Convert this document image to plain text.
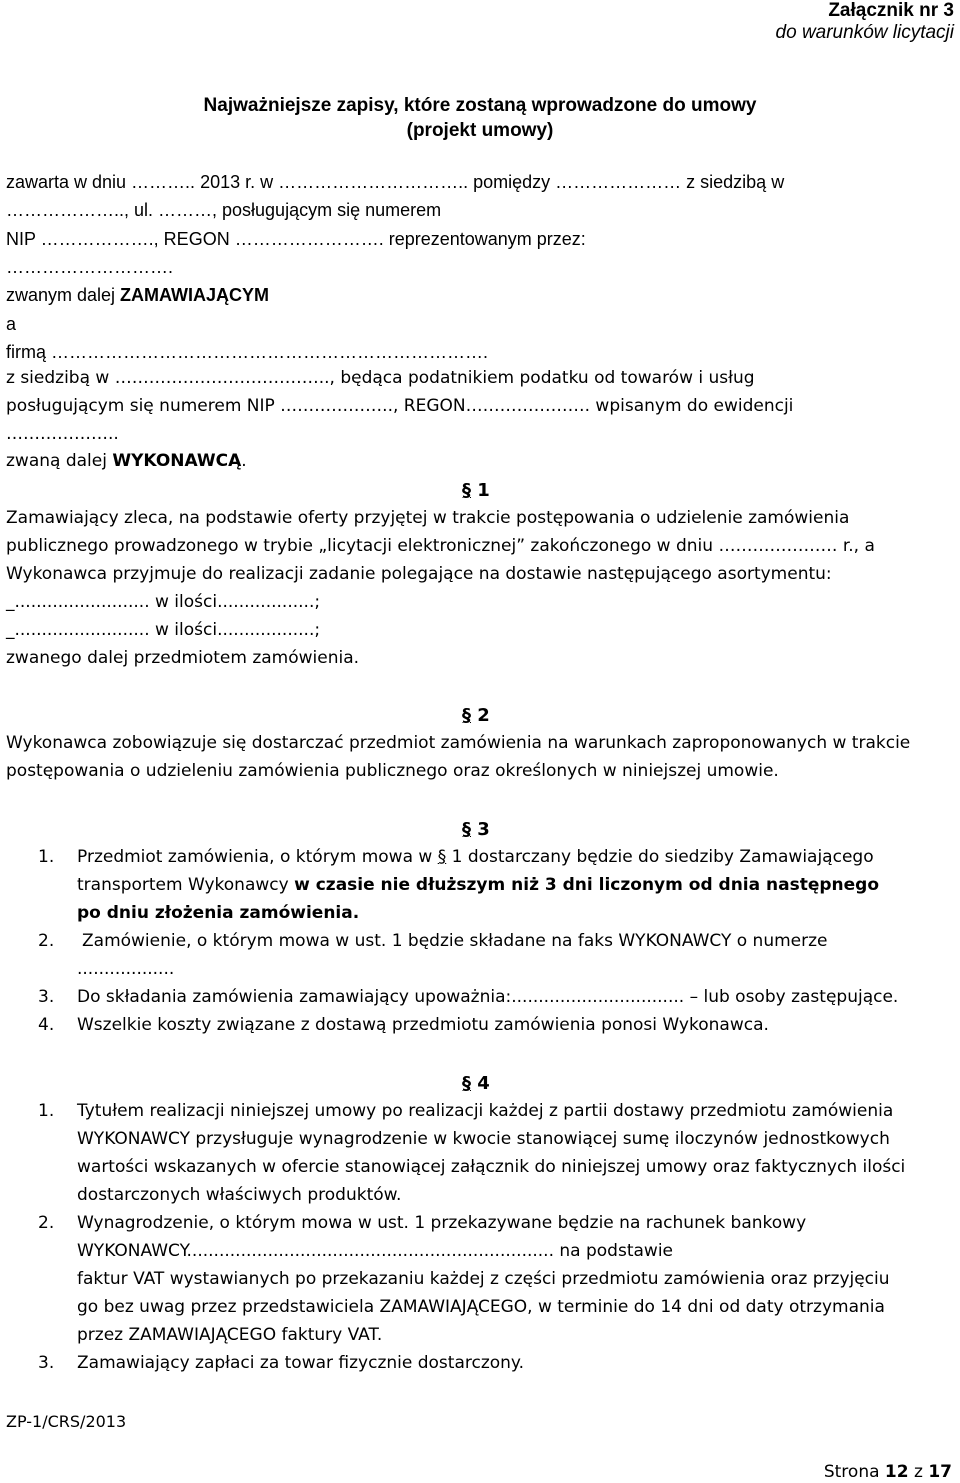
Załącznik nr 3
do warunków licytacji
Najważniejsze zapisy, które zostaną wprowadzone do umowy
(projekt umowy)
zawarta w dniu ……….. 2013 r. w ………………………….. pomiędzy ………………… z siedzibą w
……………….., ul. ………, posługującym się numerem
NIP ………………., REGON ……………………. reprezentowanym przez:
……………………….
zwanym dalej ZAMAWIAJĄCYM
a
firmą ……………………………………………………………….
z siedzibą w ……………………………….., będąca podatnikiem podatku od towarów i usług
posługującym się numerem NIP ……………….., REGON…………………. wpisanym do ewidencji
………………..
zwaną dalej WYKONAWCĄ.
§ 1
Zamawiający zleca, na podstawie oferty przyjętej w trakcie postępowania o udzielenie zamówienia
publicznego prowadzonego w trybie „licytacji elektronicznej” zakończonego w dniu ………………… r., a
Wykonawca przyjmuje do realizacji zadanie polegające na dostawie następującego asortymentu:
_......................... w ilości..................;
_......................... w ilości..................;
zwanego dalej przedmiotem zamówienia.
§ 2
Wykonawca zobowiązuje się dostarczać przedmiot zamówienia na warunkach zaproponowanych w trakcie
postępowania o udzieleniu zamówienia publicznego oraz określonych w niniejszej umowie.
§ 3
1. Przedmiot zamówienia, o którym mowa w § 1 dostarczany będzie do siedziby Zamawiającego
transportem Wykonawcy w czasie nie dłuższym niż 3 dni liczonym od dnia następnego
po dniu złożenia zamówienia.
2. Zamówienie, o którym mowa w ust. 1 będzie składane na faks WYKONAWCY o numerze
..................
3. Do składania zamówienia zamawiający upoważnia:................................ – lub osoby zastępujące.
4. Wszelkie koszty związane z dostawą przedmiotu zamówienia ponosi Wykonawca.
§ 4
1. Tytułem realizacji niniejszej umowy po realizacji każdej z partii dostawy przedmiotu zamówienia
WYKONAWCY przysługuje wynagrodzenie w kwocie stanowiącej sumę iloczynów jednostkowych
wartości wskazanych w ofercie stanowiącej załącznik do niniejszej umowy oraz faktycznych ilości
dostarczonych właściwych produktów.
2. Wynagrodzenie, o którym mowa w ust. 1 przekazywane będzie na rachunek bankowy
WYKONAWCY.................................................................... na podstawie
faktur VAT wystawianych po przekazaniu każdej z części przedmiotu zamówienia oraz przyjęciu
go bez uwag przez przedstawiciela ZAMAWIAJĄCEGO, w terminie do 14 dni od daty otrzymania
przez ZAMAWIAJĄCEGO faktury VAT.
3. Zamawiający zapłaci za towar fizycznie dostarczony.
ZP-1/CRS/2013
Strona 12 z 17
